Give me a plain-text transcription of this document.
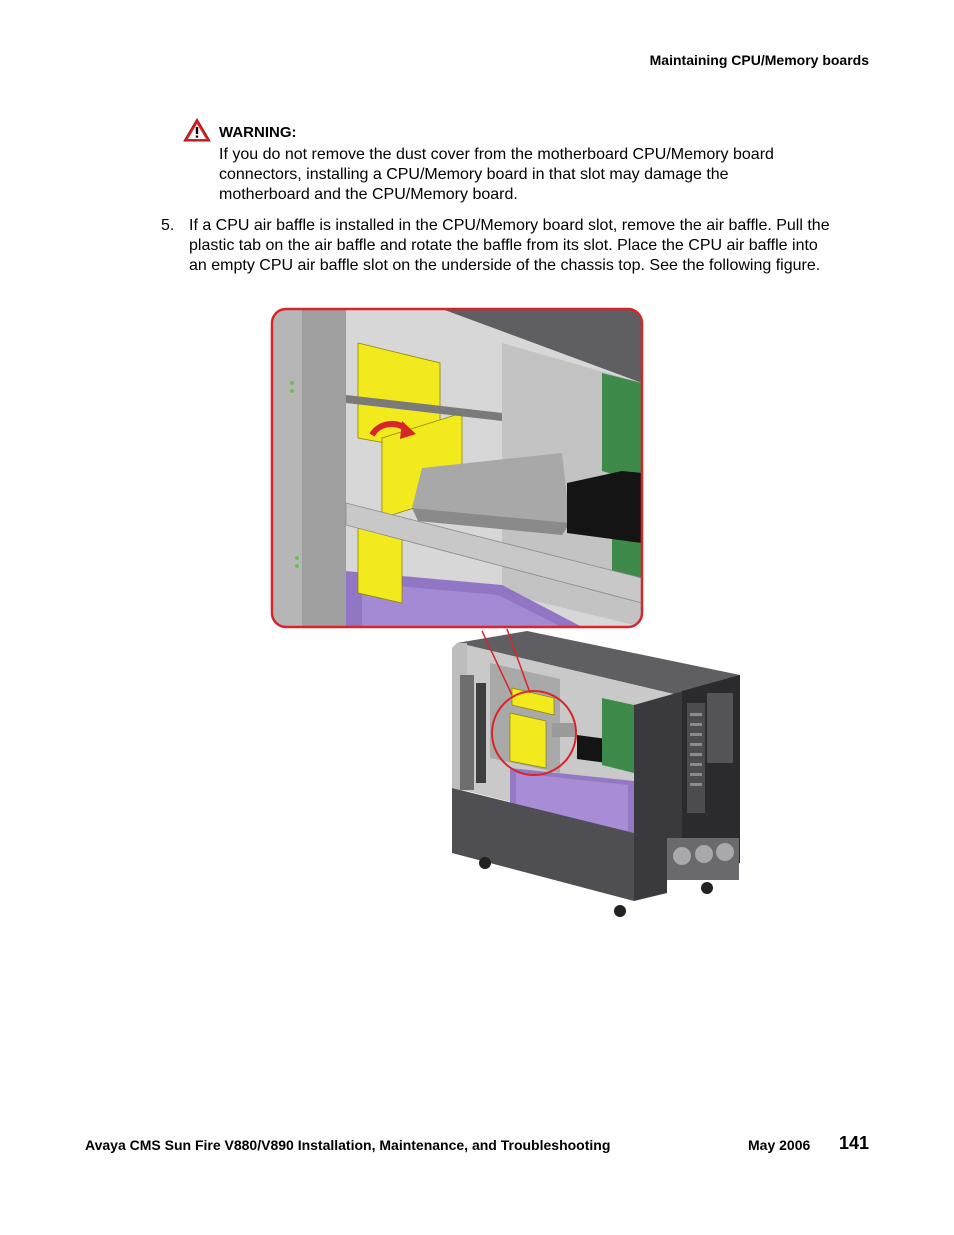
Maintaining CPU/Memory boards
WARNING:

If you do not remove the dust cover from the motherboard CPU/Memory board
connectors, installing a CPU/Memory board in that slot may damage the
motherboard and the CPU/Memory board.

5. If a CPU air baffle is installed in the CPU/Memory board slot, remove the air baffle. Pull the
plastic tab on the air baffle and rotate the baffle from its slot. Place the CPU air baffle into
an empty CPU air baffle slot on the underside of the chassis top. See the following figure.

Avaya CMS Sun Fire V880/V890 Installation, Maintenance, and Troubleshooting	May 2006 141
